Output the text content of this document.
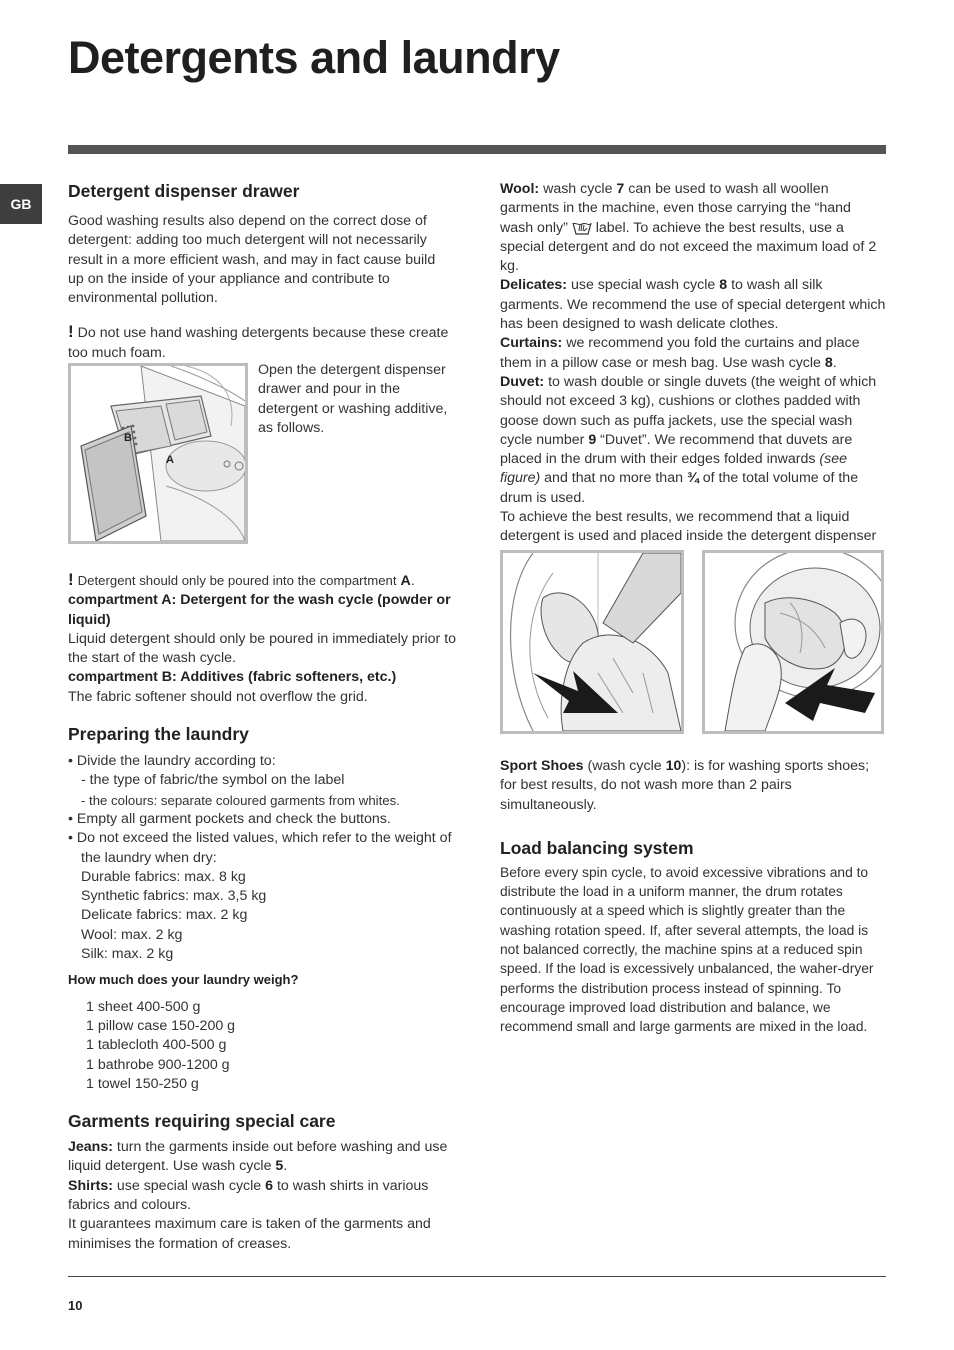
Detergents and laundry
GB
Detergent dispenser drawer

Good washing results also depend on the correct dose of detergent: adding too much detergent will not necessarily result in a more efficient wash, and may in fact cause build up on the inside of your appliance and contribute to environmental pollution.

! Do not use hand washing detergents because these create too much foam.

A
B

Open the detergent dispenser drawer and pour in the detergent or washing additive, as follows.

! Detergent should only be poured into the compartment A.

compartment A: Detergent for the wash cycle (powder or liquid)

Liquid detergent should only be poured in immediately prior to the start of the wash cycle.

compartment B: Additives (fabric softeners, etc.)

The fabric softener should not overflow the grid.

Preparing the laundry

• Divide the laundry according to:

- the type of fabric/the symbol on the label

- the colours: separate coloured garments from whites.

• Empty all garment pockets and check the buttons.

• Do not exceed the listed values, which refer to the weight of the laundry when dry:

Durable fabrics: max. 8 kg

Synthetic fabrics: max. 3,5 kg

Delicate fabrics: max. 2 kg

Wool: max. 2 kg

Silk: max. 2 kg

How much does your laundry weigh?

1 sheet 400-500 g

1 pillow case 150-200 g

1 tablecloth 400-500 g

1 bathrobe 900-1200 g

1 towel 150-250 g

Garments requiring special care

Jeans: turn the garments inside out before washing and use liquid detergent. Use wash cycle 5.

Shirts: use special wash cycle 6 to wash shirts in various fabrics and colours.

It guarantees maximum care is taken of the garments and minimises the formation of creases.

Wool: wash cycle 7 can be used to wash all woollen garments in the machine, even those carrying the “hand wash only”  label. To achieve the best results, use a special detergent and do not exceed the maximum load of 2 kg.

Delicates: use special wash cycle 8 to wash all silk garments. We recommend the use of special detergent which has been designed to wash delicate clothes.

Curtains: we recommend you fold the curtains and place them in a pillow case or mesh bag. Use wash cycle 8.

Duvet: to wash double or single duvets (the weight of which should not exceed 3 kg), cushions or clothes padded with goose down such as puffa jackets, use the special wash cycle number 9 “Duvet”. We recommend that duvets are placed in the drum with their edges folded inwards (see figure) and that no more than ¾ of the total volume of the drum is used.

To achieve the best results, we recommend that a liquid detergent is used and placed inside the detergent dispenser

Sport Shoes (wash cycle 10): is for washing sports shoes; for best results, do not wash more than 2 pairs simultaneously.

Load balancing system

Before every spin cycle, to avoid excessive vibrations and to distribute the load in a uniform manner, the drum rotates continuously at a speed which is slightly greater than the washing rotation speed. If, after several attempts, the load is not balanced correctly, the machine spins at a reduced spin speed. If the load is excessively unbalanced, the waher-dryer performs the distribution process instead of spinning. To encourage improved load distribution and balance, we recommend small and large garments are mixed in the load.

10
